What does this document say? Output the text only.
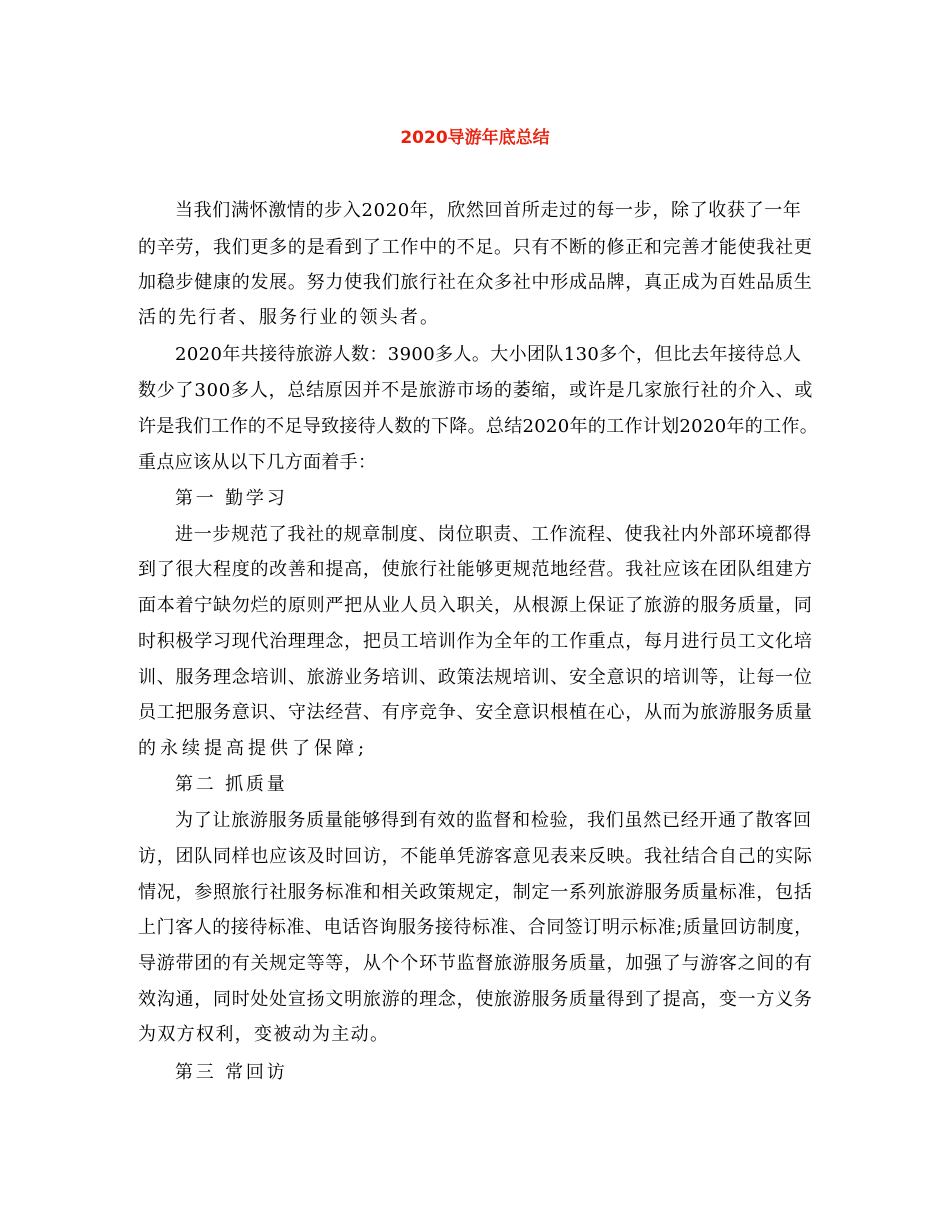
2020导游年底总结
当我们满怀激情的步入2020年，欣然回首所走过的每一步，除了收获了一年
的辛劳，我们更多的是看到了工作中的不足。只有不断的修正和完善才能使我社更
加稳步健康的发展。努力使我们旅行社在众多社中形成品牌，真正成为百姓品质生
活的先行者、服务行业的领头者。
2020年共接待旅游人数：3900多人。大小团队130多个，但比去年接待总人
数少了300多人，总结原因并不是旅游市场的萎缩，或许是几家旅行社的介入、或
许是我们工作的不足导致接待人数的下降。总结2020年的工作计划2020年的工作。
重点应该从以下几方面着手：
第一 勤学习
进一步规范了我社的规章制度、岗位职责、工作流程、使我社内外部环境都得
到了很大程度的改善和提高，使旅行社能够更规范地经营。我社应该在团队组建方
面本着宁缺勿烂的原则严把从业人员入职关，从根源上保证了旅游的服务质量，同
时积极学习现代治理理念，把员工培训作为全年的工作重点，每月进行员工文化培
训、服务理念培训、旅游业务培训、政策法规培训、安全意识的培训等，让每一位
员工把服务意识、守法经营、有序竞争、安全意识根植在心，从而为旅游服务质量
的永续提高提供了保障;
第二 抓质量
为了让旅游服务质量能够得到有效的监督和检验，我们虽然已经开通了散客回
访，团队同样也应该及时回访，不能单凭游客意见表来反映。我社结合自己的实际
情况，参照旅行社服务标准和相关政策规定，制定一系列旅游服务质量标准，包括
上门客人的接待标准、电话咨询服务接待标准、合同签订明示标准;质量回访制度，
导游带团的有关规定等等，从个个环节监督旅游服务质量，加强了与游客之间的有
效沟通，同时处处宣扬文明旅游的理念，使旅游服务质量得到了提高，变一方义务
为双方权利，变被动为主动。
第三 常回访
